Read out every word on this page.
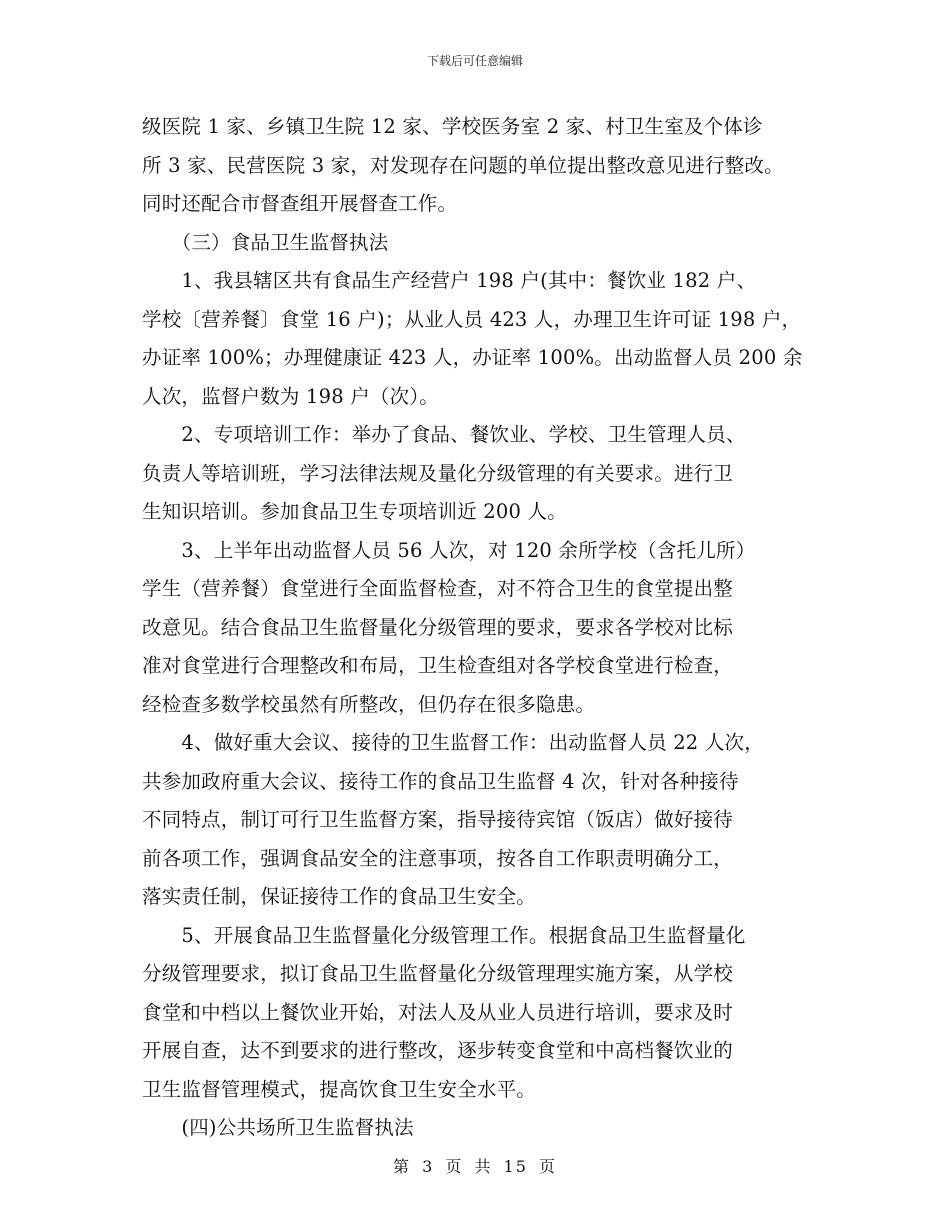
下载后可任意编辑
级医院 1 家、乡镇卫生院 12 家、学校医务室 2 家、村卫生室及个体诊
所 3 家、民营医院 3 家，对发现存在问题的单位提出整改意见进行整改。
同时还配合市督查组开展督查工作。
　　（三）食品卫生监督执法
　　1、我县辖区共有食品生产经营户 198 户(其中：餐饮业 182 户、
学校〔营养餐〕食堂 16 户)；从业人员 423 人，办理卫生许可证 198 户，
办证率 100%；办理健康证 423 人，办证率 100%。出动监督人员 200 余
人次，监督户数为 198 户（次）。
　　2、专项培训工作：举办了食品、餐饮业、学校、卫生管理人员、
负责人等培训班，学习法律法规及量化分级管理的有关要求。进行卫
生知识培训。参加食品卫生专项培训近 200 人。
　　3、上半年出动监督人员 56 人次，对 120 余所学校（含托儿所）
学生（营养餐）食堂进行全面监督检查，对不符合卫生的食堂提出整
改意见。结合食品卫生监督量化分级管理的要求，要求各学校对比标
准对食堂进行合理整改和布局，卫生检查组对各学校食堂进行检查，
经检查多数学校虽然有所整改，但仍存在很多隐患。
　　4、做好重大会议、接待的卫生监督工作：出动监督人员 22 人次，
共参加政府重大会议、接待工作的食品卫生监督 4 次，针对各种接待
不同特点，制订可行卫生监督方案，指导接待宾馆（饭店）做好接待
前各项工作，强调食品安全的注意事项，按各自工作职责明确分工，
落实责任制，保证接待工作的食品卫生安全。
　　5、开展食品卫生监督量化分级管理工作。根据食品卫生监督量化
分级管理要求，拟订食品卫生监督量化分级管理理实施方案，从学校
食堂和中档以上餐饮业开始，对法人及从业人员进行培训，要求及时
开展自查，达不到要求的进行整改，逐步转变食堂和中高档餐饮业的
卫生监督管理模式，提高饮食卫生安全水平。
　　(四)公共场所卫生监督执法
第 3 页 共 15 页
